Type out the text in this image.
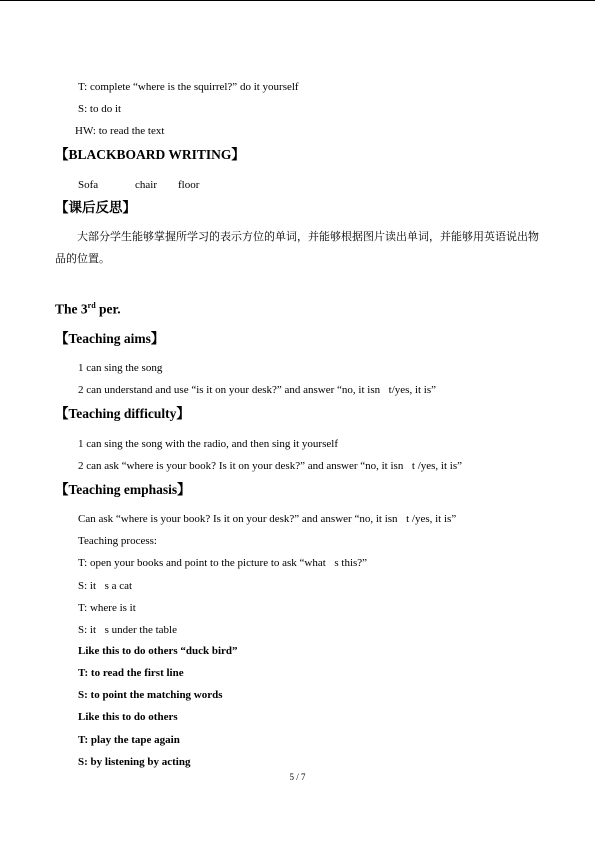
T: complete “where is the squirrel?” do it yourself
S: to do it
HW: to read the text
【BLACKBOARD WRITING】
Sofa	chair floor
【课后反思】
大部分学生能够掌握所学习的表示方位的单词，并能够根据图片读出单词，并能够用英语说出物品的位置。
The 3rd per.
【Teaching aims】
1 can sing the song
2 can understand and use “is it on your desk?” and answer “no, it isn t/yes, it is”
【Teaching difficulty】
1 can sing the song with the radio, and then sing it yourself
2 can ask “where is your book? Is it on your desk?” and answer “no, it isn t /yes, it is”
【Teaching emphasis】
Can ask “where is your book? Is it on your desk?” and answer “no, it isn t /yes, it is”
Teaching process:
T: open your books and point to the picture to ask “what s this?”
S: it s a cat
T: where is it
S: it s under the table
Like this to do others “duck bird”
T: to read the first line
S: to point the matching words
Like this to do others
T: play the tape again
S: by listening by acting
5 / 7
